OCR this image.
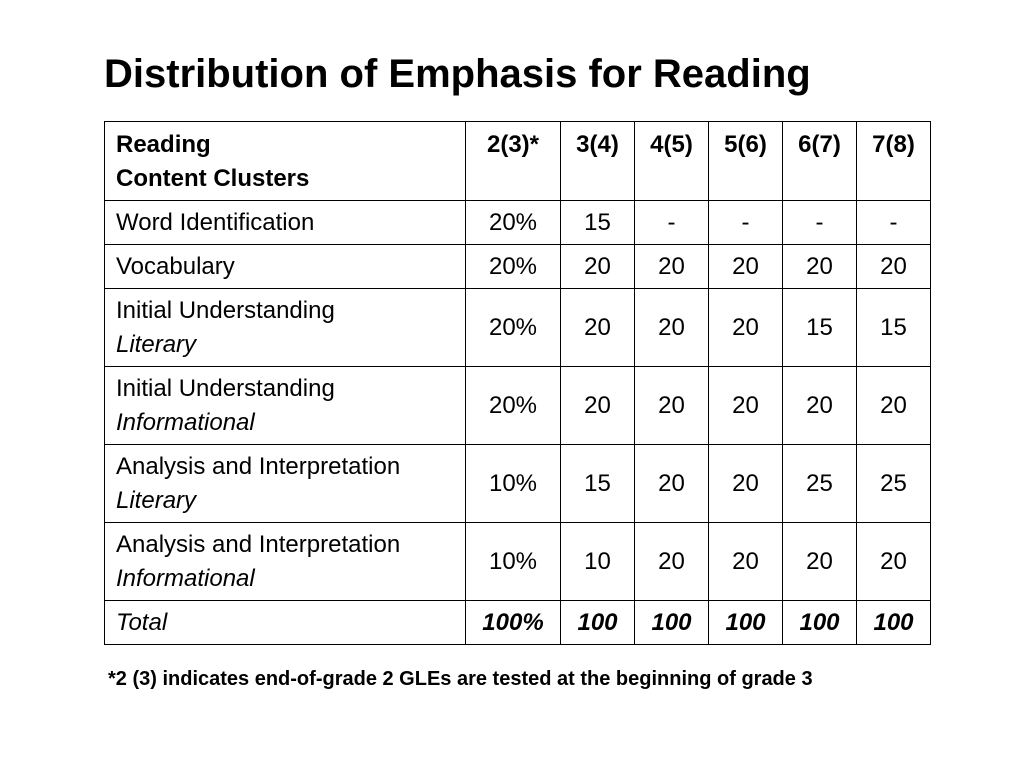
Distribution of Emphasis for Reading
Reading
Content Clusters	2(3)*	3(4)	4(5)	5(6)	6(7)	7(8)
Word Identification	20%	15	-	-	-	-
Vocabulary	20%	20	20	20	20	20

Initial Understanding
Literary	20%	20	20	20	15	15

Initial Understanding
Informational	20%	20	20	20	20	20

Analysis and Interpretation
Literary	10%	15	20	20	25	25

Analysis and Interpretation
Informational	10%	10	20	20	20	20
Total	100%	100	100	100	100	100

*2 (3) indicates end-of-grade 2 GLEs are tested at the beginning of grade 3
